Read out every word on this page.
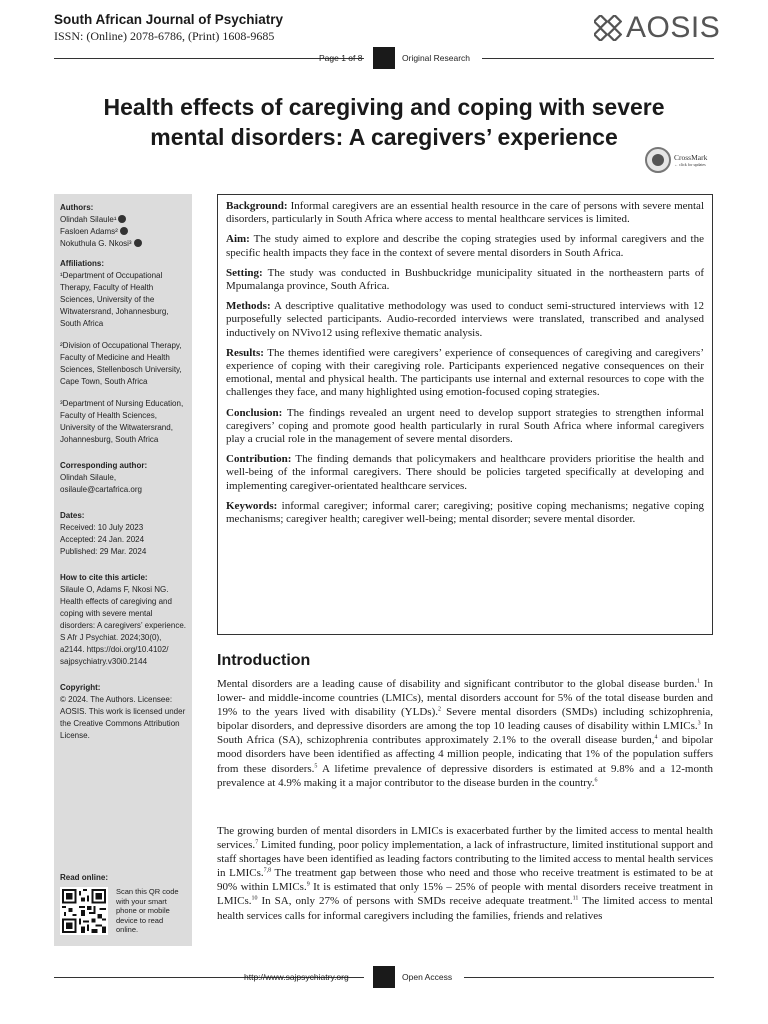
South African Journal of Psychiatry
ISSN: (Online) 2078-6786, (Print) 1608-9685	AOSIS
Page 1 of 8	Original Research
Health effects of caregiving and coping with severe
mental disorders: A caregivers’ experience
CrossMark
← click for updates
Authors:
Olindah Silaule¹
Fasloen Adams²
Nokuthula G. Nkosi³
Affiliations:
¹Department of Occupational Therapy, Faculty of Health Sciences, University of the Witwatersrand, Johannesburg, South Africa
²Division of Occupational Therapy, Faculty of Medicine and Health Sciences, Stellenbosch University, Cape Town, South Africa
³Department of Nursing Education, Faculty of Health Sciences, University of the Witwatersrand, Johannesburg, South Africa
Corresponding author:
Olindah Silaule,
osilaule@cartafrica.org
Dates:
Received: 10 July 2023
Accepted: 24 Jan. 2024
Published: 29 Mar. 2024
How to cite this article:
Silaule O, Adams F, Nkosi NG. Health effects of caregiving and coping with severe mental disorders: A caregivers’ experience. S Afr J Psychiat. 2024;30(0), a2144. https://doi.org/10.4102/ sajpsychiatry.v30i0.2144
Copyright:
© 2024. The Authors. Licensee: AOSIS. This work is licensed under the Creative Commons Attribution License.
Read online:
Scan this QR code with your smart phone or mobile device to read online.

Background: Informal caregivers are an essential health resource in the care of persons with severe mental disorders, particularly in South Africa where access to mental healthcare services is limited.

Aim: The study aimed to explore and describe the coping strategies used by informal caregivers and the specific health impacts they face in the context of severe mental disorders in South Africa.

Setting: The study was conducted in Bushbuckridge municipality situated in the northeastern parts of Mpumalanga province, South Africa.

Methods: A descriptive qualitative methodology was used to conduct semi-structured interviews with 12 purposefully selected participants. Audio-recorded interviews were translated, transcribed and analysed inductively on NVivo12 using reflexive thematic analysis.

Results: The themes identified were caregivers’ experience of consequences of caregiving and caregivers’ experience of coping with their caregiving role. Participants experienced negative consequences on their emotional, mental and physical health. The participants use internal and external resources to cope with the challenges they face, and many highlighted using emotion-focused coping strategies.

Conclusion: The findings revealed an urgent need to develop support strategies to strengthen informal caregivers’ coping and promote good health particularly in rural South Africa where informal caregivers play a crucial role in the management of severe mental disorders.

Contribution: The finding demands that policymakers and healthcare providers prioritise the health and well-being of the informal caregivers. There should be policies targeted specifically at developing and implementing caregiver-orientated healthcare services.

Keywords: informal caregiver; informal carer; caregiving; positive coping mechanisms; negative coping mechanisms; caregiver health; caregiver well-being; mental disorder; severe mental disorder.

Introduction
Mental disorders are a leading cause of disability and significant contributor to the global disease burden.$^1$ In lower- and middle-income countries (LMICs), mental disorders account for 5% of the total disease burden and 19% to the years lived with disability (YLDs).$^2$ Severe mental disorders (SMDs) including schizophrenia, bipolar disorders, and depressive disorders are among the top 10 leading causes of disability within LMICs.$^3$ In South Africa (SA), schizophrenia contributes approximately 2.1% to the overall disease burden,$^4$ and bipolar mood disorders have been identified as affecting 4 million people, indicating that 1% of the population suffers from these disorders.$^5$ A lifetime prevalence of depressive disorders is estimated at 9.8% and a 12-month prevalence at 4.9% making it a major contributor to the disease burden in the country.$^6$
The growing burden of mental disorders in LMICs is exacerbated further by the limited access to mental health services.$^7$ Limited funding, poor policy implementation, a lack of infrastructure, limited institutional support and staff shortages have been identified as leading factors contributing to the limited access to mental health services in LMICs.$^{7,8}$ The treatment gap between those who need and those who receive treatment is estimated to be at 90% within LMICs.$^9$ It is estimated that only 15% – 25% of people with mental disorders receive treatment in LMICs.$^{10}$ In SA, only 27% of persons with SMDs receive adequate treatment.$^{11}$ The limited access to mental health services calls for informal caregivers including the families, friends and relatives
http://www.sajpsychiatry.org	Open Access
